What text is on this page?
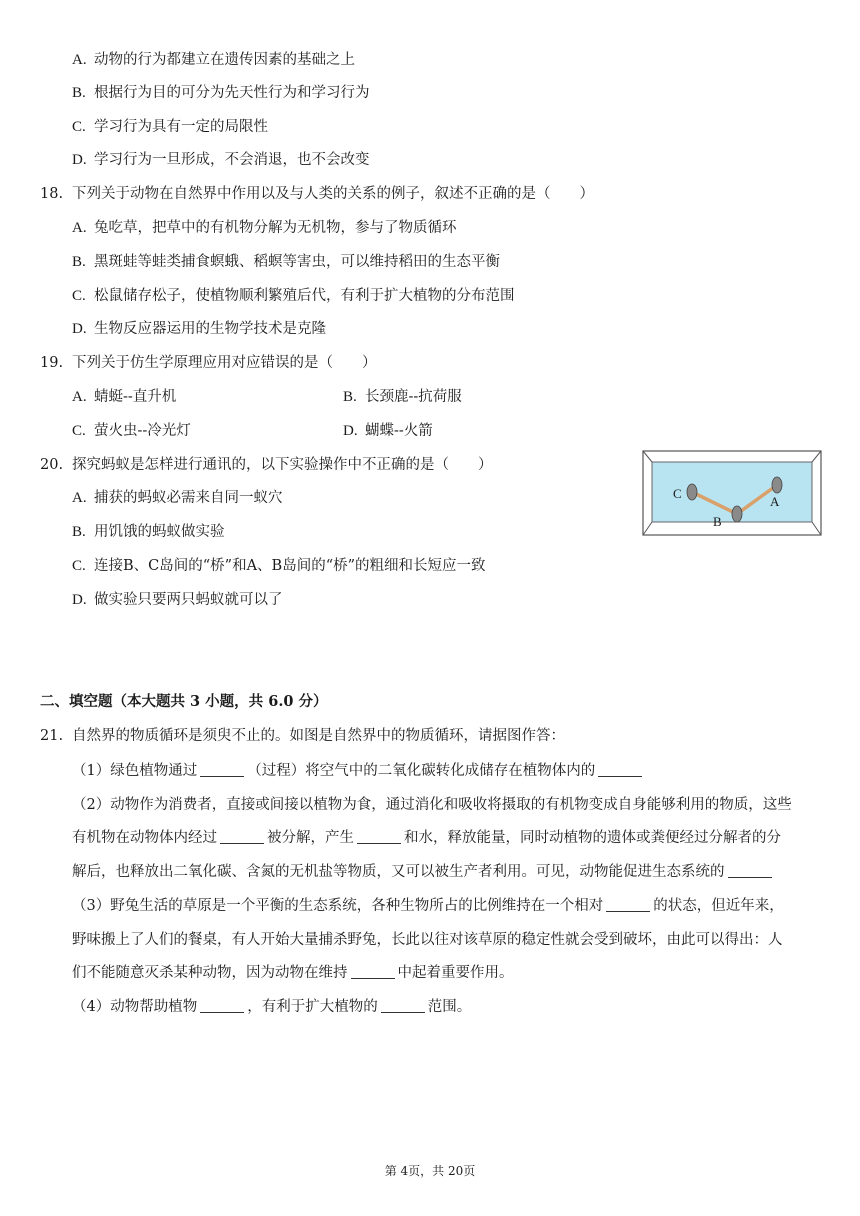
A. 动物的行为都建立在遗传因素的基础之上
B. 根据行为目的可分为先天性行为和学习行为
C. 学习行为具有一定的局限性
D. 学习行为一旦形成，不会消退，也不会改变
18. 下列关于动物在自然界中作用以及与人类的关系的例子，叙述不正确的是（　　）
A. 兔吃草，把草中的有机物分解为无机物，参与了物质循环
B. 黑斑蛙等蛙类捕食螟蛾、稻螟等害虫，可以维持稻田的生态平衡
C. 松鼠储存松子，使植物顺利繁殖后代，有利于扩大植物的分布范围
D. 生物反应器运用的生物学技术是克隆
19. 下列关于仿生学原理应用对应错误的是（　　）
A. 蜻蜓--直升机	B. 长颈鹿--抗荷服
C. 萤火虫--冷光灯	D. 蝴蝶--火箭
20. 探究蚂蚁是怎样进行通讯的，以下实验操作中不正确的是（　　）
A. 捕获的蚂蚁必需来自同一蚁穴
B. 用饥饿的蚂蚁做实验
C. 连接B、C岛间的“桥”和A、B岛间的“桥”的粗细和长短应一致
D. 做实验只要两只蚂蚁就可以了
C
B
A
二、填空题（本大题共 3 小题，共 6.0 分）
21. 自然界的物质循环是须臾不止的。如图是自然界中的物质循环，请据图作答：
（1）绿色植物通过	（过程）将空气中的二氧化碳转化成储存在植物体内的
（2）动物作为消费者，直接或间接以植物为食，通过消化和吸收将摄取的有机物变成自身能够利用的物质，这些
有机物在动物体内经过	被分解，产生	和水，释放能量，同时动植物的遗体或粪便经过分解者的分
解后，也释放出二氧化碳、含氮的无机盐等物质，又可以被生产者利用。可见，动物能促进生态系统的
（3）野兔生活的草原是一个平衡的生态系统，各种生物所占的比例维持在一个相对	的状态，但近年来，
野味搬上了人们的餐桌，有人开始大量捕杀野兔，长此以往对该草原的稳定性就会受到破坏，由此可以得出：人
们不能随意灭杀某种动物，因为动物在维持	中起着重要作用。
（4）动物帮助植物	，有利于扩大植物的	范围。
第 4页，共 20页
